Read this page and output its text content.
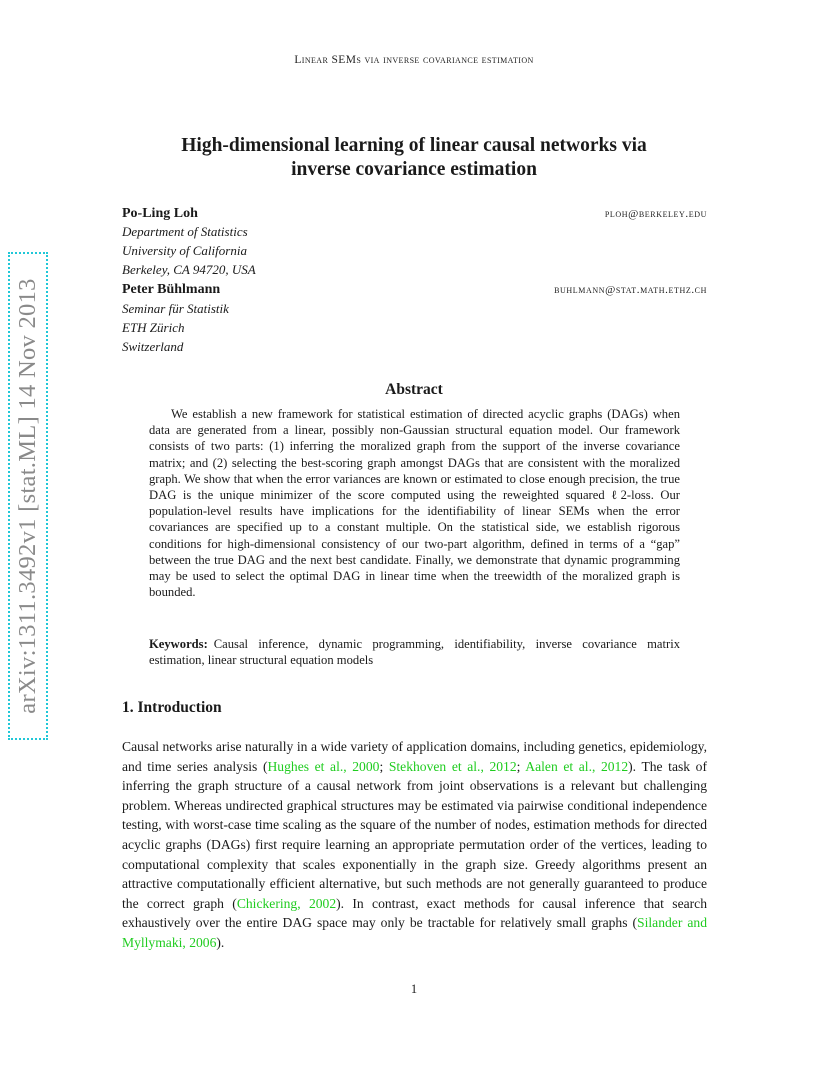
arXiv:1311.3492v1 [stat.ML] 14 Nov 2013
Linear SEMs via inverse covariance estimation
High-dimensional learning of linear causal networks via
inverse covariance estimation
Po-Ling Loh	ploh@berkeley.edu
Department of Statistics
University of California
Berkeley, CA 94720, USA
Peter Bühlmann	buhlmann@stat.math.ethz.ch
Seminar für Statistik
ETH Zürich
Switzerland
Abstract
We establish a new framework for statistical estimation of directed acyclic graphs (DAGs) when data are generated from a linear, possibly non-Gaussian structural equation model. Our framework consists of two parts: (1) inferring the moralized graph from the support of the inverse covariance matrix; and (2) selecting the best-scoring graph amongst DAGs that are consistent with the moralized graph. We show that when the error variances are known or estimated to close enough precision, the true DAG is the unique minimizer of the score computed using the reweighted squared ℓ2-loss. Our population-level results have implications for the identifiability of linear SEMs when the error covariances are specified up to a constant multiple. On the statistical side, we establish rigorous conditions for high-dimensional consistency of our two-part algorithm, defined in terms of a “gap” between the true DAG and the next best candidate. Finally, we demonstrate that dynamic programming may be used to select the optimal DAG in linear time when the treewidth of the moralized graph is bounded.
Keywords: Causal inference, dynamic programming, identifiability, inverse covariance matrix estimation, linear structural equation models
1. Introduction
Causal networks arise naturally in a wide variety of application domains, including genetics, epidemiology, and time series analysis (Hughes et al., 2000; Stekhoven et al., 2012; Aalen et al., 2012). The task of inferring the graph structure of a causal network from joint observations is a relevant but challenging problem. Whereas undirected graphical structures may be estimated via pairwise conditional independence testing, with worst-case time scaling as the square of the number of nodes, estimation methods for directed acyclic graphs (DAGs) first require learning an appropriate permutation order of the vertices, leading to computational complexity that scales exponentially in the graph size. Greedy algorithms present an attractive computationally efficient alternative, but such methods are not generally guaranteed to produce the correct graph (Chickering, 2002). In contrast, exact methods for causal inference that search exhaustively over the entire DAG space may only be tractable for relatively small graphs (Silander and Myllymaki, 2006).
1
